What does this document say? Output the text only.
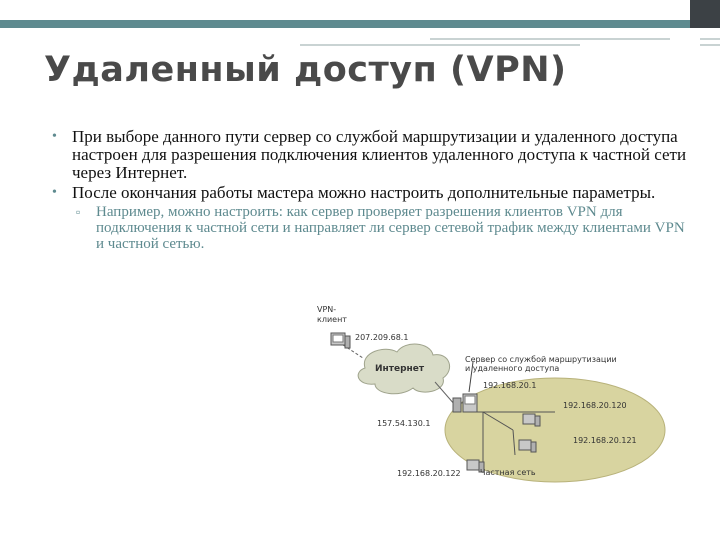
Удаленный доступ (VPN)
• При выборе данного пути сервер со службой маршрутизации и удаленного доступа настроен для разрешения подключения клиентов удаленного доступа к частной сети через Интернет.
• После окончания работы мастера можно настроить дополнительные параметры.
▫ Например, можно настроить: как сервер проверяет разрешения клиентов VPN для подключения к частной сети и направляет ли сервер сетевой трафик между клиентами VPN и частной сетью.
Интернет
VPN-
клиент
207.209.68.1
Сервер со службой маршрутизации
и удаленного доступа
192.168.20.1
157.54.130.1
192.168.20.120
192.168.20.121
192.168.20.122 Частная сеть
